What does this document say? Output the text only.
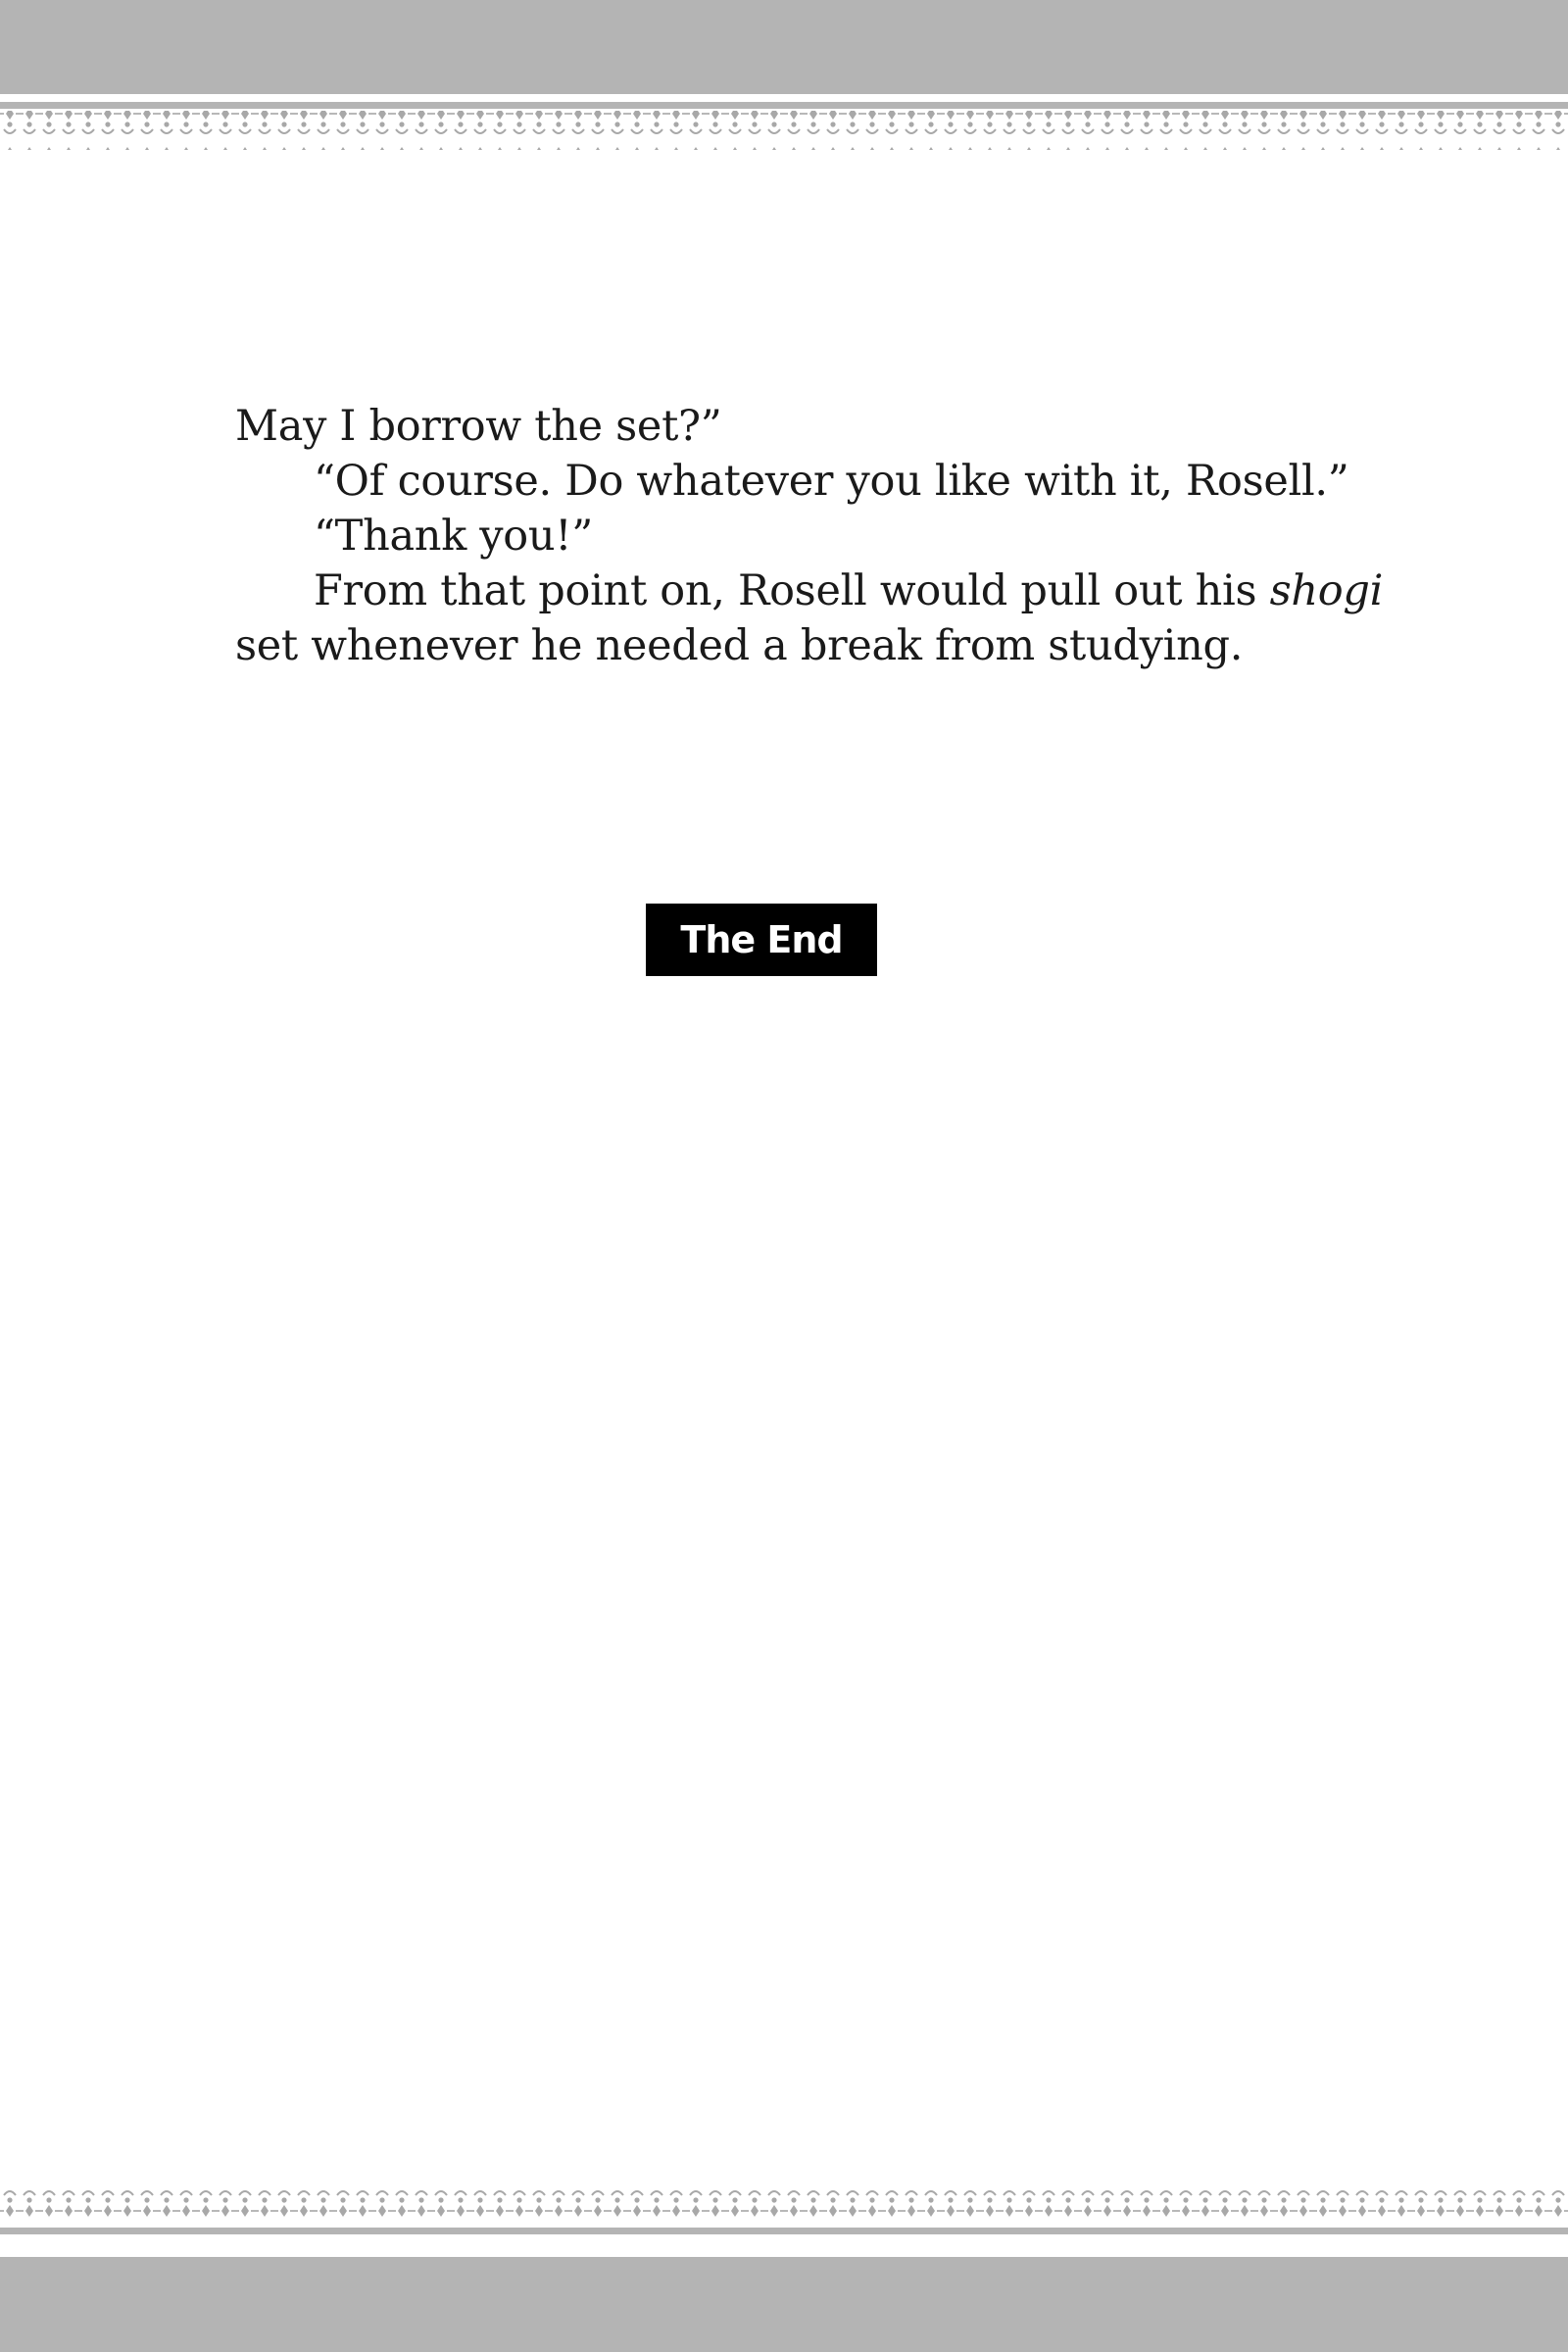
May I borrow the set?”

“Of course. Do whatever you like with it, Rosell.”

“Thank you!”

From that point on, Rosell would pull out his shogi

set whenever he needed a break from studying.

The End
